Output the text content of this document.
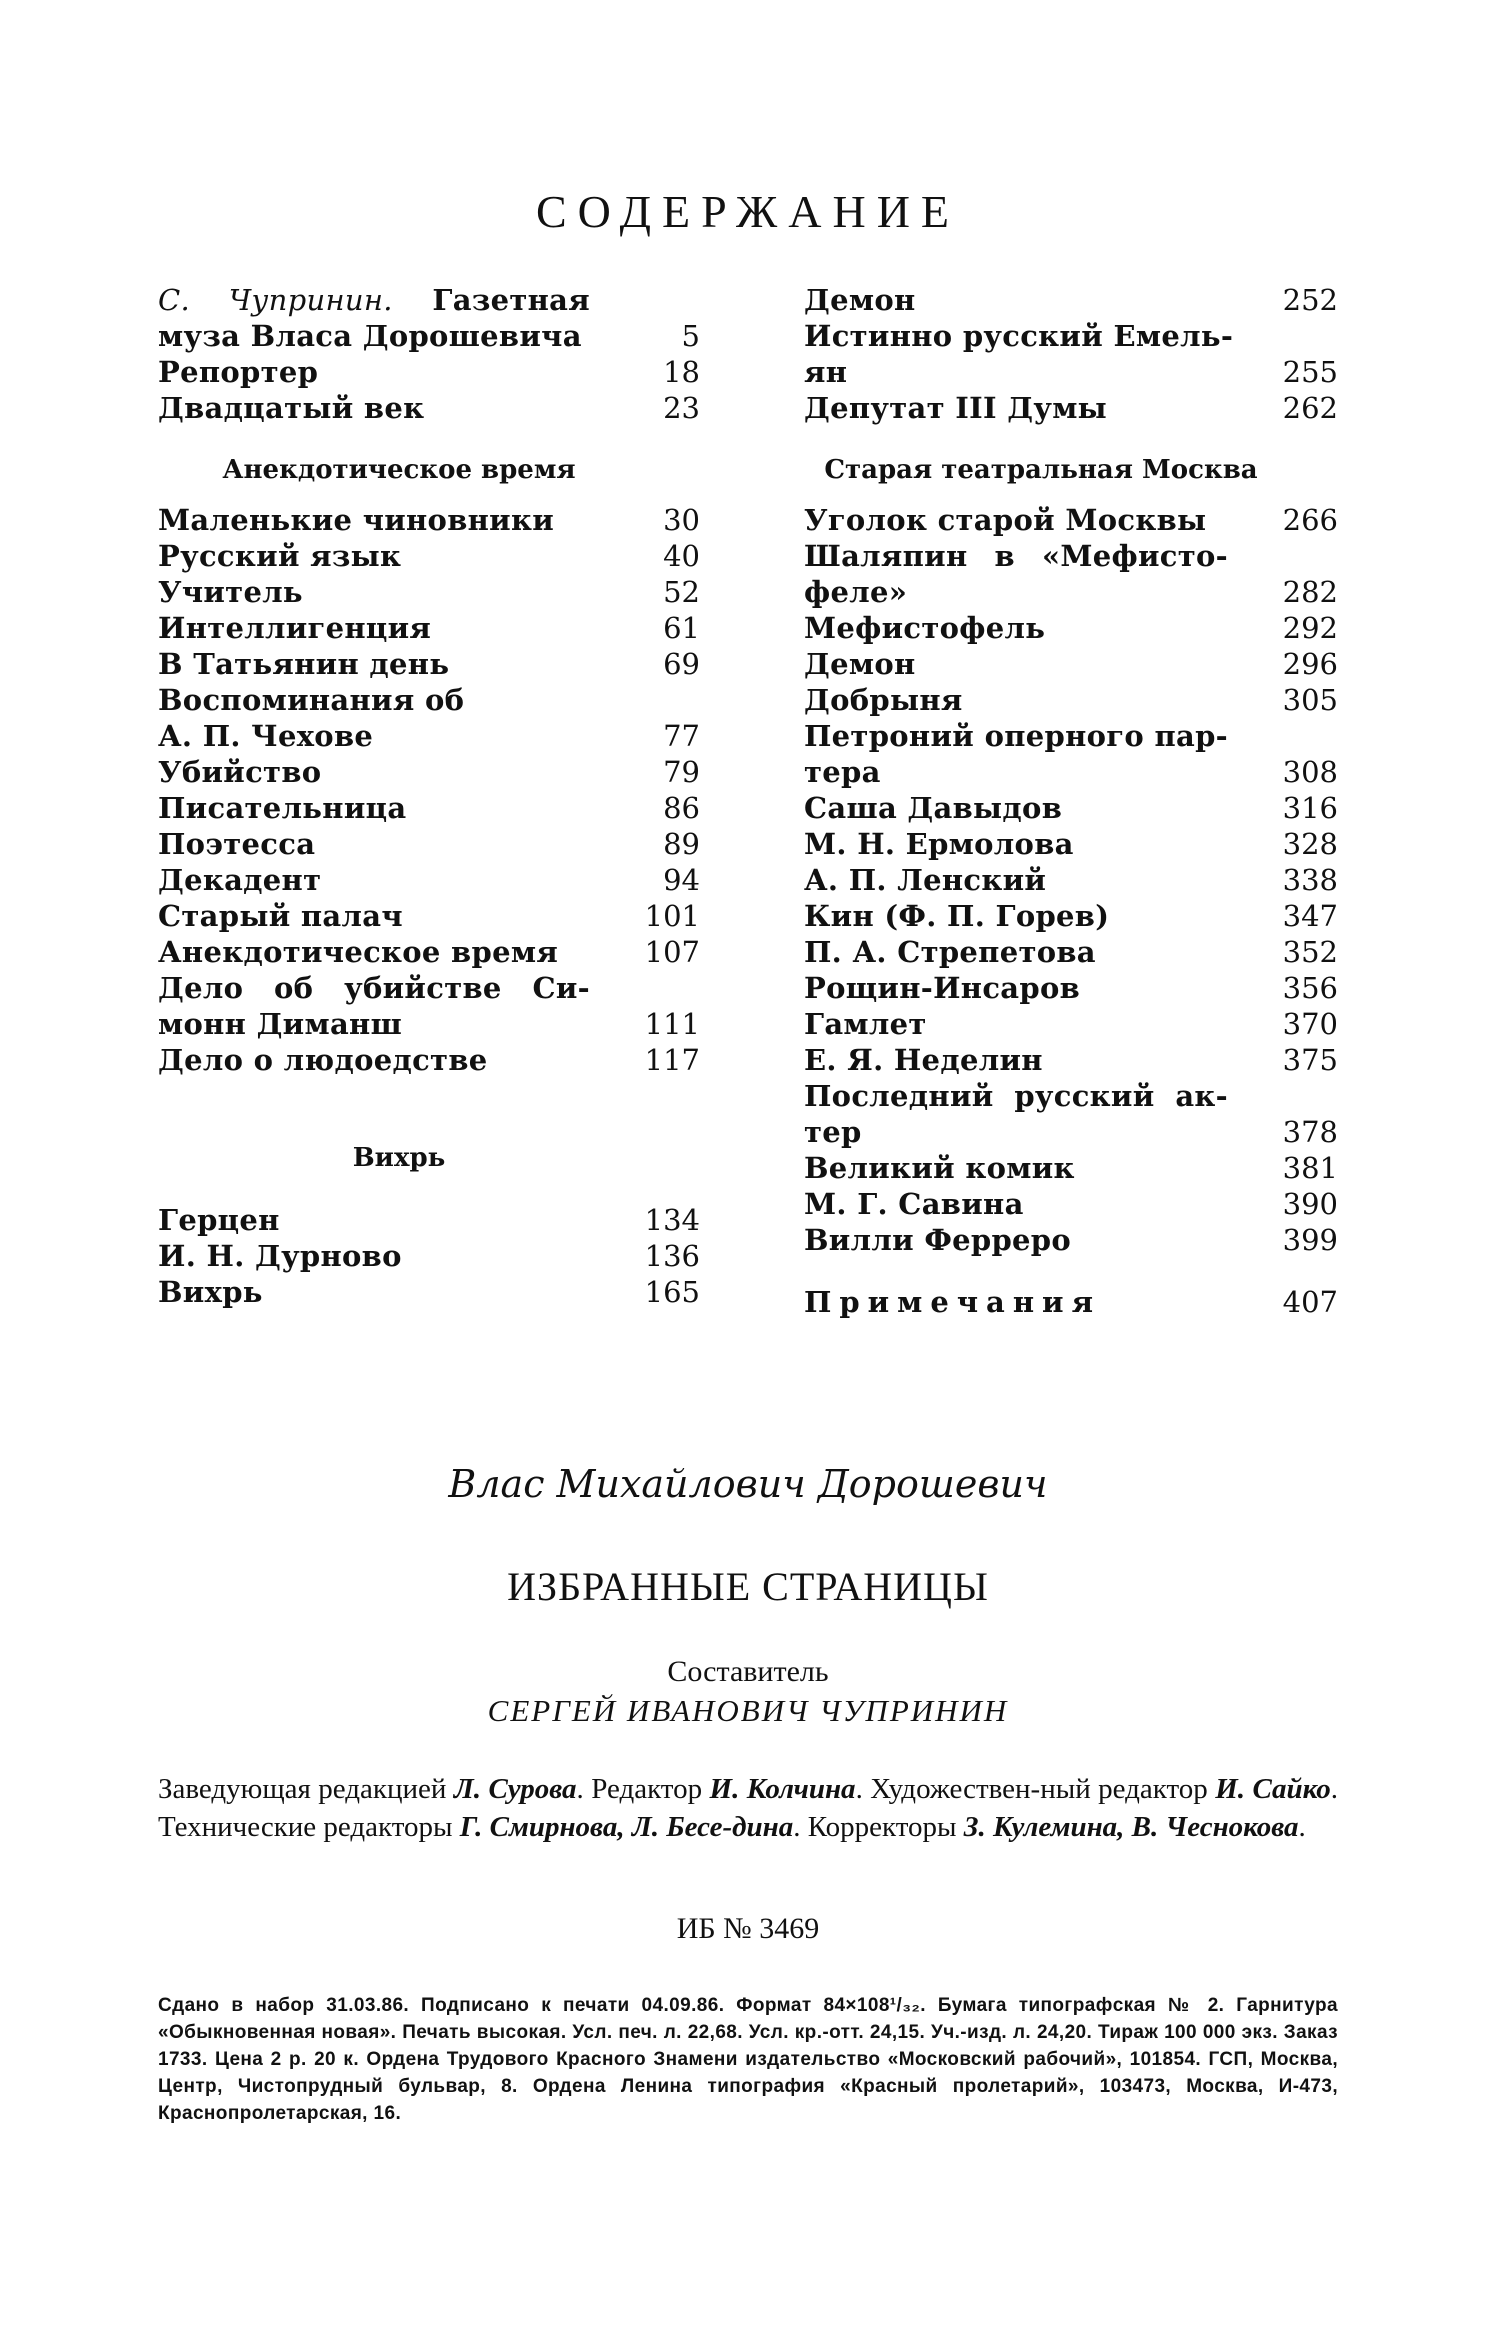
СОДЕРЖАНИЕ
С. Чупринин. Газетная
муза Власа Дорошевича	5
Репортер	18
Двадцатый век	23
Анекдотическое время
Маленькие чиновники	30
Русский язык	40
Учитель	52
Интеллигенция	61
В Татьянин день	69
Воспоминания об
А. П. Чехове	77
Убийство	79
Писательница	86
Поэтесса	89
Декадент	94
Старый палач	101
Анекдотическое время	107
Дело об убийстве Си-
монн Диманш	111
Дело о людоедстве	117
Вихрь
Герцен	134
И. Н. Дурново	136
Вихрь	165
Демон	252
Истинно русский Емель-
ян	255
Депутат III Думы	262
Старая театральная Москва
Уголок старой Москвы	266
Шаляпин в «Мефисто-
феле»	282
Мефистофель	292
Демон	296
Добрыня	305
Петроний оперного пар-
тера	308
Саша Давыдов	316
М. Н. Ермолова	328
А. П. Ленский	338
Кин (Ф. П. Горев)	347
П. А. Стрепетова	352
Рощин-Инсаров	356
Гамлет	370
Е. Я. Неделин	375
Последний русский ак-
тер	378
Великий комик	381
М. Г. Савина	390
Вилли Ферреро	399
Примечания	407
Влас Михайлович Дорошевич
ИЗБРАННЫЕ СТРАНИЦЫ
Составитель
СЕРГЕЙ ИВАНОВИЧ ЧУПРИНИН
Заведующая редакцией Л. Сурова. Редактор И. Колчина. Художествен-ный редактор И. Сайко. Технические редакторы Г. Смирнова, Л. Бесе-дина. Корректоры З. Кулемина, В. Чеснокова.
ИБ № 3469
Сдано в набор 31.03.86. Подписано к печати 04.09.86. Формат 84×108¹/₃₂. Бумага типографская № 2. Гарнитура «Обыкновенная новая». Печать высокая. Усл. печ. л. 22,68. Усл. кр.-отт. 24,15. Уч.-изд. л. 24,20. Тираж 100 000 экз. Заказ 1733. Цена 2 р. 20 к. Ордена Трудового Красного Знамени издательство «Московский рабочий», 101854. ГСП, Москва, Центр, Чистопрудный бульвар, 8. Ордена Ленина типография «Красный пролетарий», 103473, Москва, И-473, Краснопролетарская, 16.
